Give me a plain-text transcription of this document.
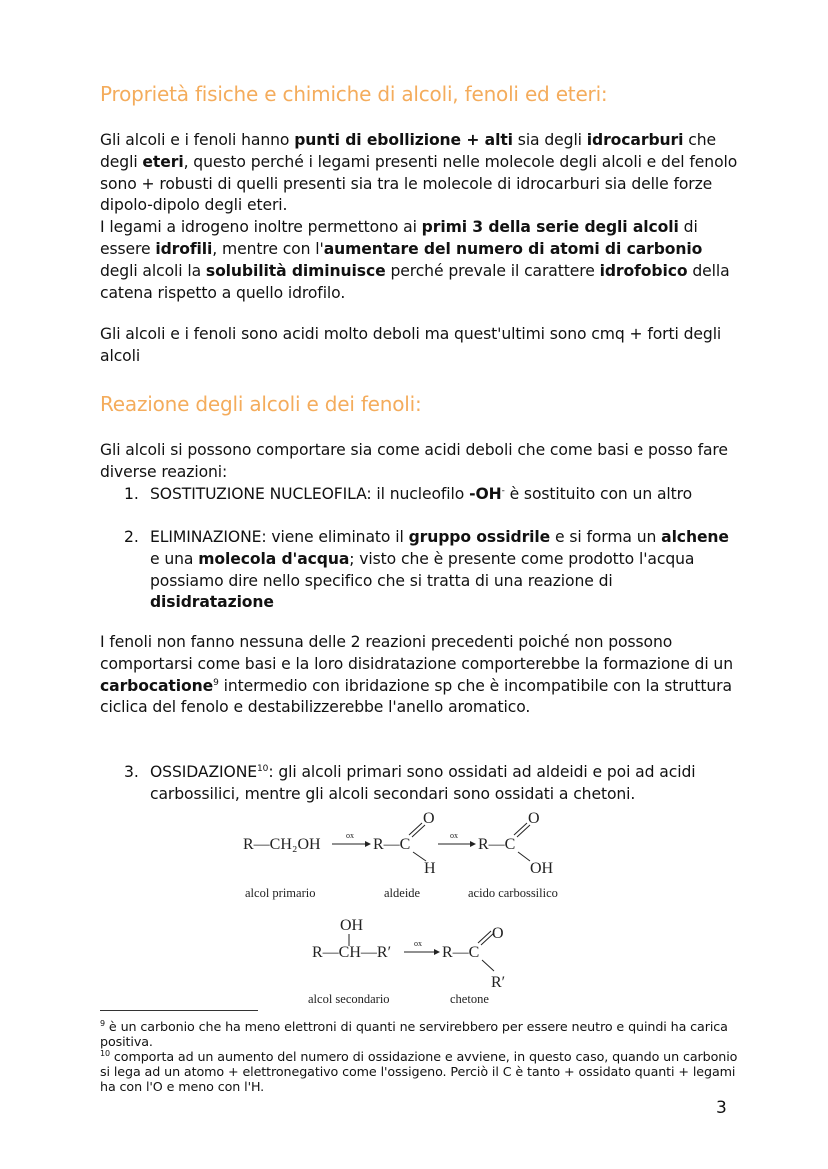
Proprietà fisiche e chimiche di alcoli, fenoli ed eteri:
Gli alcoli e i fenoli hanno punti di ebollizione + alti sia degli idrocarburi che degli eteri, questo perché i legami presenti nelle molecole degli alcoli e del fenolo sono + robusti di quelli presenti sia tra le molecole di idrocarburi sia delle forze dipolo-dipolo degli eteri.
I legami a idrogeno inoltre permettono ai primi 3 della serie degli alcoli di essere idrofili, mentre con l'aumentare del numero di atomi di carbonio degli alcoli la solubilità diminuisce perché prevale il carattere idrofobico della catena rispetto a quello idrofilo.
Gli alcoli e i fenoli sono acidi molto deboli ma quest'ultimi sono cmq + forti degli alcoli
Reazione degli alcoli e dei fenoli:
Gli alcoli si possono comportare sia come acidi deboli che come basi e posso fare diverse reazioni:
1. SOSTITUZIONE NUCLEOFILA: il nucleofilo -OH- è sostituito con un altro
2. ELIMINAZIONE: viene eliminato il gruppo ossidrile e si forma un alchene e una molecola d'acqua; visto che è presente come prodotto l'acqua possiamo dire nello specifico che si tratta di una reazione di disidratazione
I fenoli non fanno nessuna delle 2 reazioni precedenti poiché non possono comportarsi come basi e la loro disidratazione comporterebbe la formazione di un carbocatione$^9$ intermedio con ibridazione sp che è incompatibile con la struttura ciclica del fenolo e destabilizzerebbe l'anello aromatico.
3. OSSIDAZIONE$^{10}$: gli alcoli primari sono ossidati ad aldeidi e poi ad acidi carbossilici, mentre gli alcoli secondari sono ossidati a chetoni.
R—CH₂OH
ox
R—C
O
H
ox
R—C
O
OH
alcol primario	aldeide	acido carbossilico
OH
R—CH—R′
ox
R—C
O
R′
alcol secondario	chetone
$^9$ è un carbonio che ha meno elettroni di quanti ne servirebbero per essere neutro e quindi ha carica positiva.
$^{10}$ comporta ad un aumento del numero di ossidazione e avviene, in questo caso, quando un carbonio si lega ad un atomo + elettronegativo come l'ossigeno. Perciò il C è tanto + ossidato quanti + legami ha con l'O e meno con l'H.
3
